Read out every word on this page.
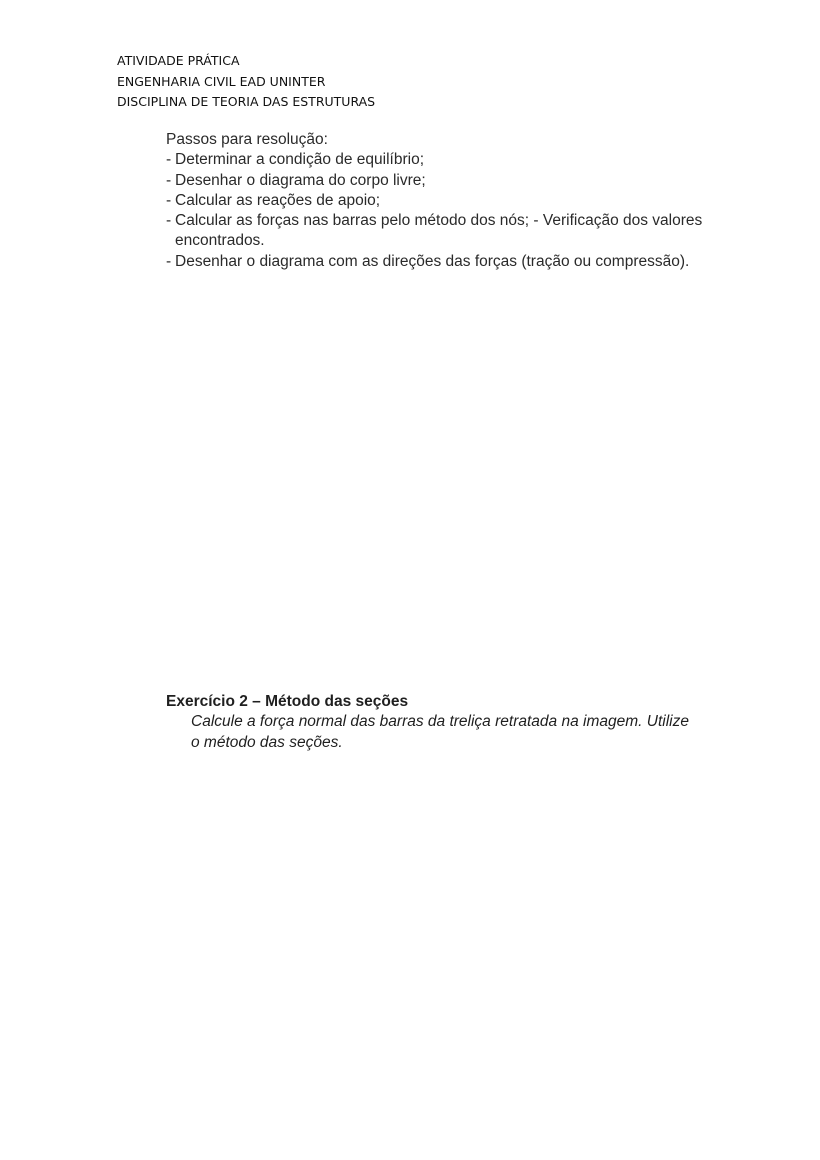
ATIVIDADE PRÁTICA
ENGENHARIA CIVIL EAD UNINTER
DISCIPLINA DE TEORIA DAS ESTRUTURAS
Passos para resolução:
- Determinar a condição de equilíbrio;
- Desenhar o diagrama do corpo livre;
- Calcular as reações de apoio;
- Calcular as forças nas barras pelo método dos nós; - Verificação dos valores encontrados.
- Desenhar o diagrama com as direções das forças (tração ou compressão).
Exercício 2 – Método das seções
Calcule a força normal das barras da treliça retratada na imagem. Utilize o método das seções.
